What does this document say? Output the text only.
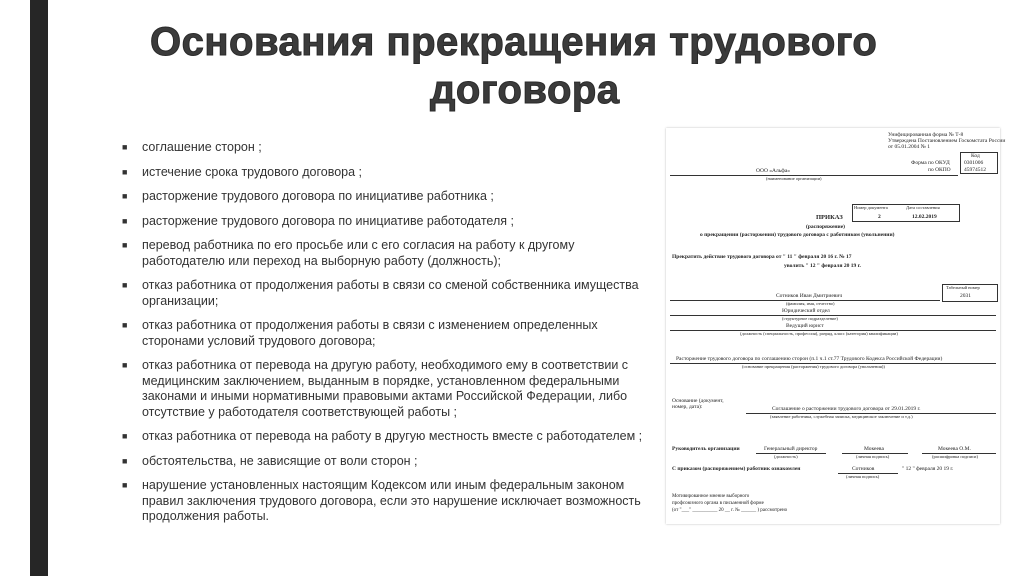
Основания прекращения трудового
договора
■ соглашение сторон ;
■ истечение срока трудового договора ;
■ расторжение трудового договора по инициативе работника ;
■ расторжение трудового договора по инициативе работодателя ;
■ перевод работника по его просьбе или с его согласия на работу к другому работодателю или переход на выборную работу (должность);
■ отказ работника от продолжения работы в связи со сменой собственника имущества организации;
■ отказ работника от продолжения работы в связи с изменением определенных сторонами условий трудового договора;
■ отказ работника от перевода на другую работу, необходимого ему в соответствии с медицинским заключением, выданным в порядке, установленном федеральными законами и иными нормативными правовыми актами Российской Федерации, либо отсутствие у работодателя соответствующей работы ;
■ отказ работника от перевода на работу в другую местность вместе с работодателем ;
■ обстоятельства, не зависящие от воли сторон ;
■ нарушение установленных настоящим Кодексом или иным федеральным законом правил заключения трудового договора, если это нарушение исключает возможность продолжения работы.
Унифицированная форма № Т-8
Утверждена Постановлением Госкомстата России
от 05.01.2004 № 1
Код
Форма по ОКУД	0301006
по ОКПО 45974512
ООО «Альфа»
(наименование организации)
Номер документа	Дата составления
ПРИКАЗ	2	12.02.2019
(распоряжение)
о прекращении (расторжении) трудового договора с работником (увольнении)
Прекратить действие трудового договора от " 11 " февраля 20 16 г. № 17
уволить " 12 " февраля 20 19 г.
Табельный номер
2031
Сотников Иван Дмитриевич
(фамилия, имя, отчество)
Юридический отдел
(структурное подразделение)
Ведущий юрист
(должность (специальность, профессия), разряд, класс (категория) квалификации)
Расторжение трудового договора по соглашению сторон (п.1 ч.1 ст.77 Трудового Кодекса Российской Федерации)
(основание прекращения (расторжения) трудового договора (увольнения))
Основание (документ, номер, дата):	Соглашение о расторжении трудового договора от 29.01.2019 г.
(заявление работника, служебная записка, медицинское заключение и т.д.)
Руководитель организации	Генеральный директор	Мокеева	Мокеева О.М.
(должность)	(личная подпись)	(расшифровка подписи)
С приказом (распоряжением) работник ознакомлен	Сотников	" 12 " февраля 20 19 г.
(личная подпись)
Мотивированное мнение выборного
профсоюзного органа в письменной форме
(от "___" __________ 20 __ г. № ______ ) рассмотрено
